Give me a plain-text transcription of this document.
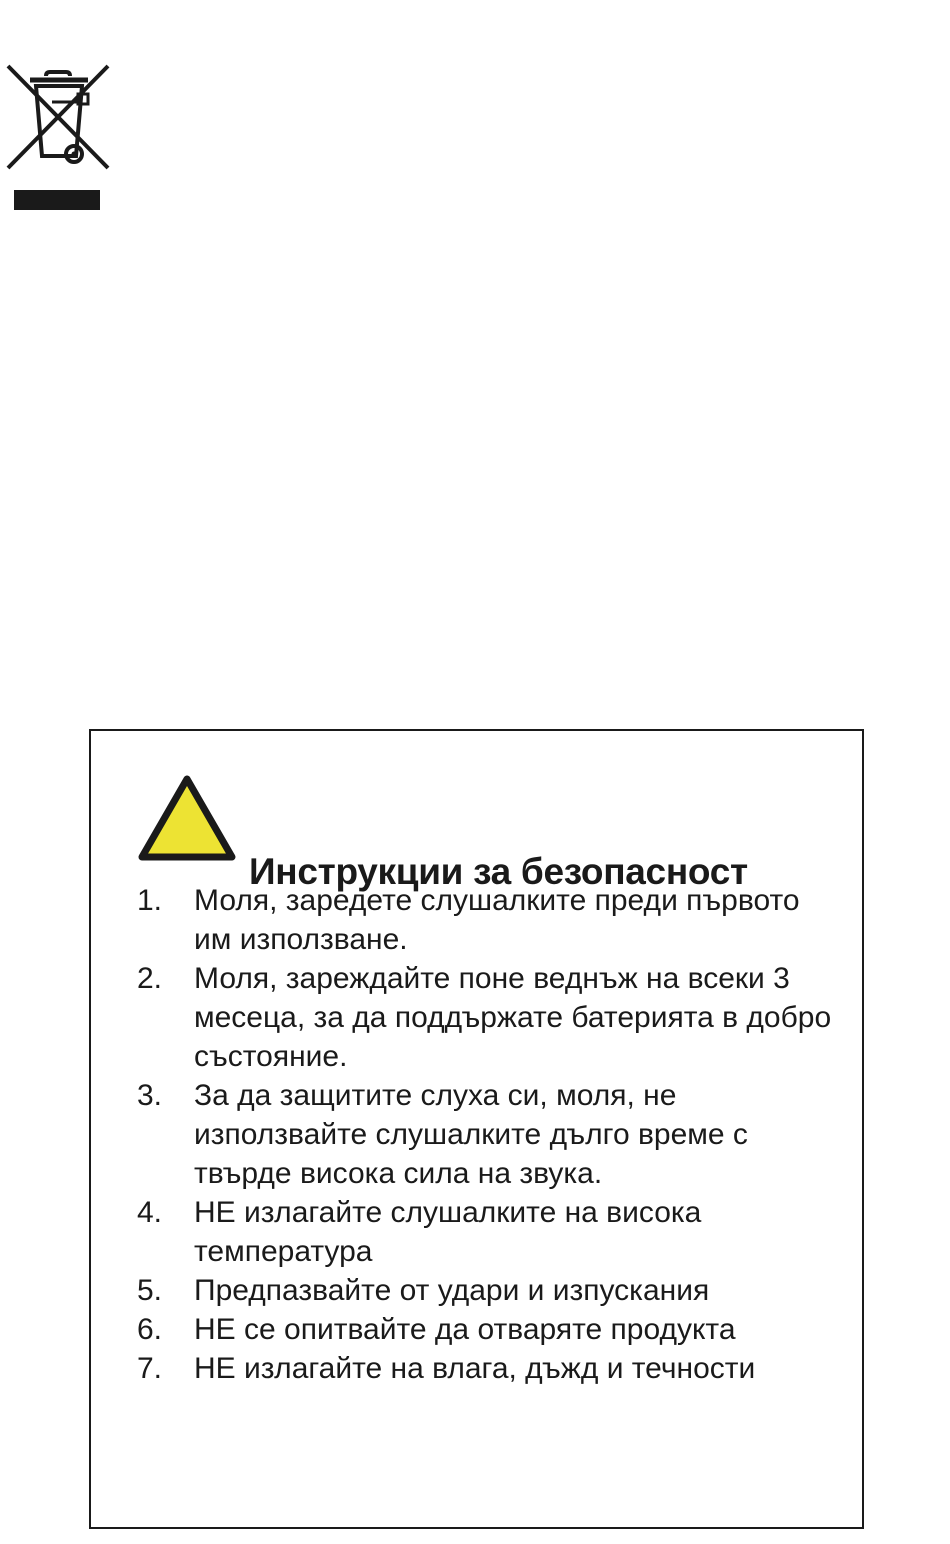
Инструкции за безопасност
1.	Моля, заредете слушалките преди първото им използване.
2.	Моля, зареждайте поне веднъж на всеки 3 месеца, за да поддържате батерията в добро състояние.
3.	За да защитите слуха си, моля, не използвайте слушалките дълго време с твърде висока сила на звука.
4.	НЕ излагайте слушалките на висока температура
5.	Предпазвайте от удари и изпускания
6.	НЕ се опитвайте да отваряте продукта
7.	НЕ излагайте на влага, дъжд и течности
